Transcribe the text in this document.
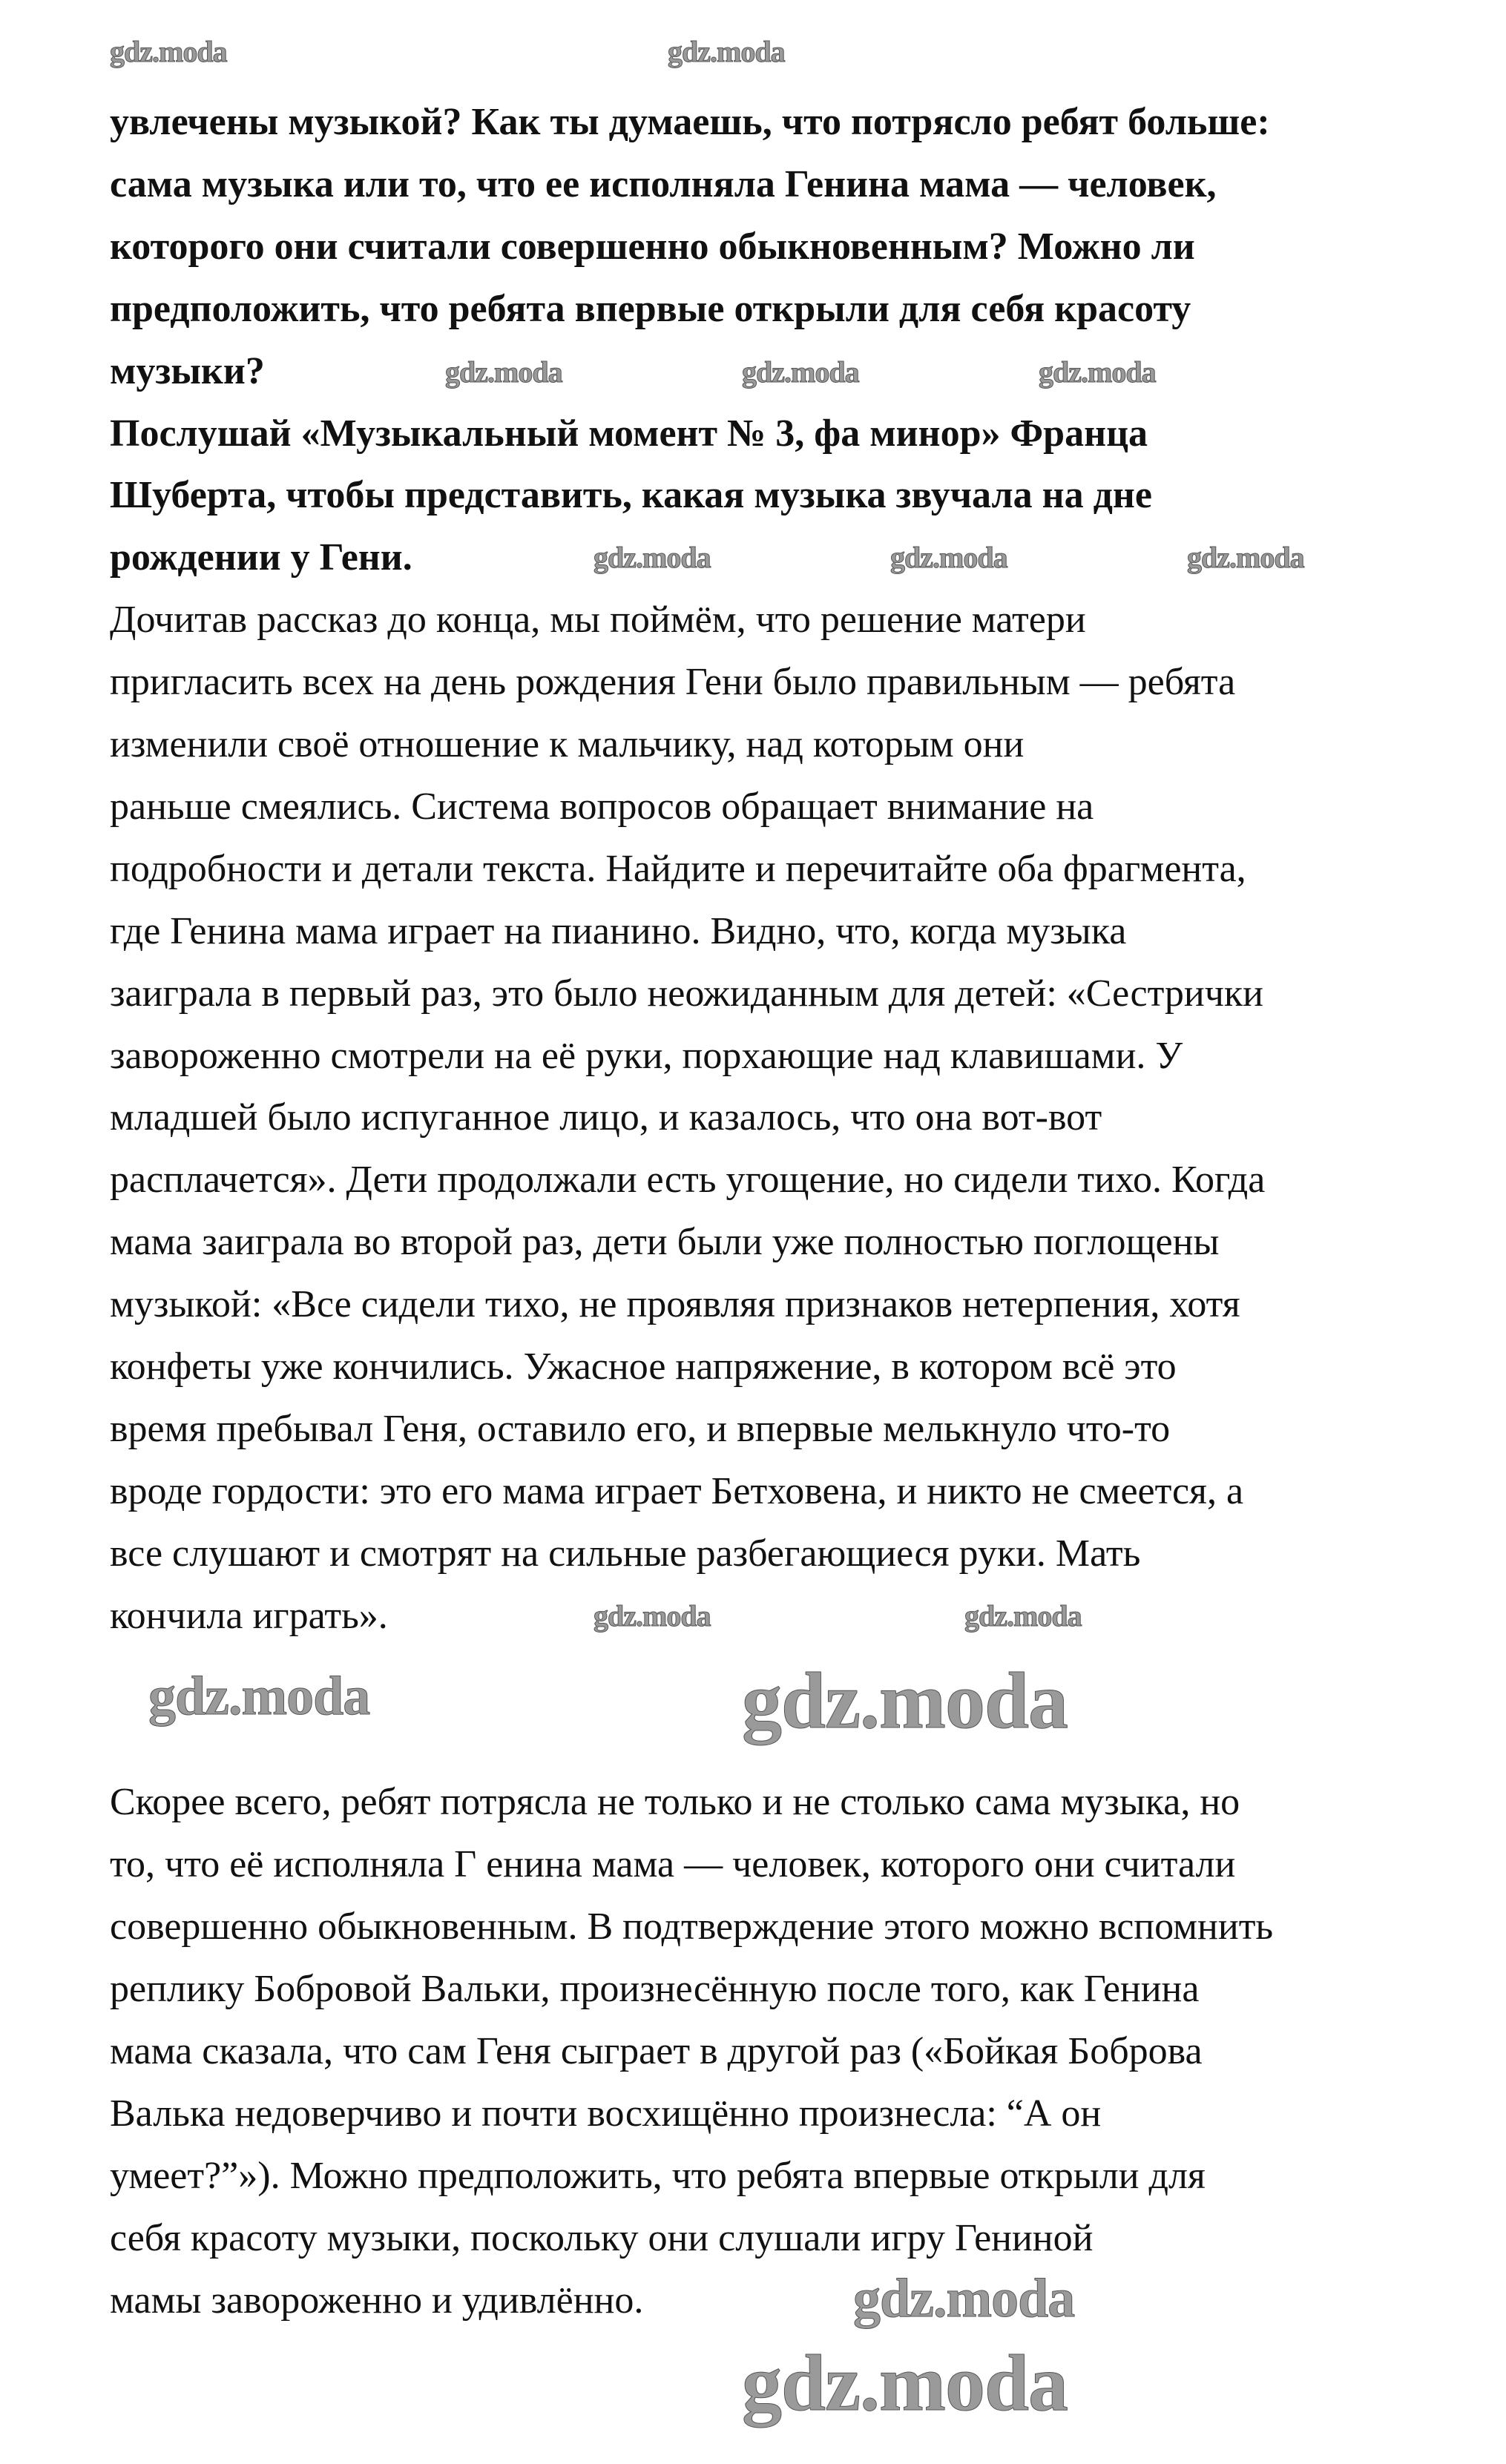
увлечены музыкой? Как ты думаешь, что потрясло ребят больше:
сама музыка или то, что ее исполняла Генина мама — человек,
которого они считали совершенно обыкновенным? Можно ли
предположить, что ребята впервые открыли для себя красоту
музыки?
Послушай «Музыкальный момент № 3, фа минор» Франца
Шуберта, чтобы представить, какая музыка звучала на дне
рождении у Гени.
Дочитав рассказ до конца, мы поймём, что решение матери
пригласить всех на день рождения Гени было правильным — ребята
изменили своё отношение к мальчику, над которым они
раньше смеялись. Система вопросов обращает внимание на
подробности и детали текста. Найдите и перечитайте оба фрагмента,
где Генина мама играет на пианино. Видно, что, когда музыка
заиграла в первый раз, это было неожиданным для детей: «Сестрички
завороженно смотрели на её руки, порхающие над клавишами. У
младшей было испуганное лицо, и казалось, что она вот-вот
расплачется». Дети продолжали есть угощение, но сидели тихо. Когда
мама заиграла во второй раз, дети были уже полностью поглощены
музыкой: «Все сидели тихо, не проявляя признаков нетерпения, хотя
конфеты уже кончились. Ужасное напряжение, в котором всё это
время пребывал Геня, оставило его, и впервые мелькнуло что-то
вроде гордости: это его мама играет Бетховена, и никто не смеется, а
все слушают и смотрят на сильные разбегающиеся руки. Мать
кончила играть».
Скорее всего, ребят потрясла не только и не столько сама музыка, но
то, что её исполняла Г енина мама — человек, которого они считали
совершенно обыкновенным. В подтверждение этого можно вспомнить
реплику Бобровой Вальки, произнесённую после того, как Генина
мама сказала, что сам Геня сыграет в другой раз («Бойкая Боброва
Валька недоверчиво и почти восхищённо произнесла: “А он
умеет?”»). Можно предположить, что ребята впервые открыли для
себя красоту музыки, поскольку они слушали игру Гениной
мамы завороженно и удивлённо.
gdz.moda	gdz.moda
gdz.moda	gdz.moda	gdz.moda
gdz.moda	gdz.moda	gdz.moda
gdz.moda	gdz.moda
gdz.moda
gdz.moda
gdz.moda
gdz.moda
